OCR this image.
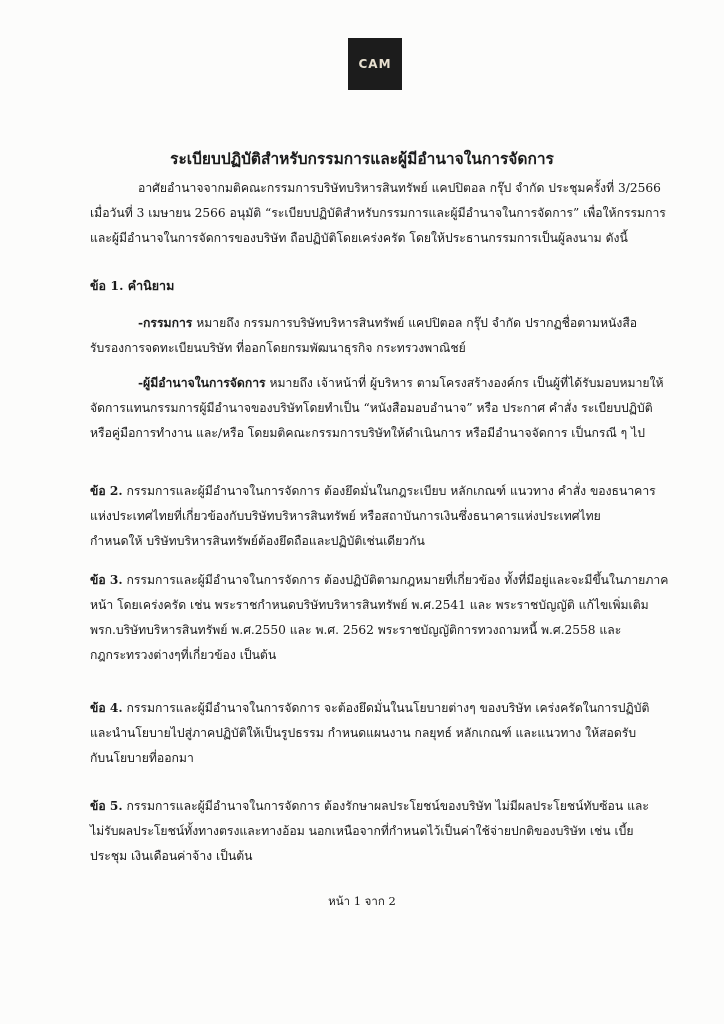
CAM
ระเบียบปฏิบัติสำหรับกรรมการและผู้มีอำนาจในการจัดการ

อาศัยอำนาจจากมติคณะกรรมการบริษัทบริหารสินทรัพย์ แคปปิตอล กรุ๊ป จำกัด ประชุมครั้งที่ 3/2566
เมื่อวันที่ 3 เมษายน 2566 อนุมัติ “ระเบียบปฏิบัติสำหรับกรรมการและผู้มีอำนาจในการจัดการ” เพื่อให้กรรมการ
และผู้มีอำนาจในการจัดการของบริษัท ถือปฏิบัติโดยเคร่งครัด โดยให้ประธานกรรมการเป็นผู้ลงนาม ดังนี้

ข้อ 1. คำนิยาม

-กรรมการ หมายถึง กรรมการบริษัทบริหารสินทรัพย์ แคปปิตอล กรุ๊ป จำกัด ปรากฏชื่อตามหนังสือ
รับรองการจดทะเบียนบริษัท ที่ออกโดยกรมพัฒนาธุรกิจ กระทรวงพาณิชย์

-ผู้มีอำนาจในการจัดการ หมายถึง เจ้าหน้าที่ ผู้บริหาร ตามโครงสร้างองค์กร เป็นผู้ที่ได้รับมอบหมายให้
จัดการแทนกรรมการผู้มีอำนาจของบริษัทโดยทำเป็น “หนังสือมอบอำนาจ” หรือ ประกาศ คำสั่ง ระเบียบปฏิบัติ
หรือคู่มือการทำงาน และ/หรือ โดยมติคณะกรรมการบริษัทให้ดำเนินการ หรือมีอำนาจจัดการ เป็นกรณี ๆ ไป

ข้อ 2. กรรมการและผู้มีอำนาจในการจัดการ ต้องยึดมั่นในกฎระเบียบ หลักเกณฑ์ แนวทาง คำสั่ง ของธนาคาร
แห่งประเทศไทยที่เกี่ยวข้องกับบริษัทบริหารสินทรัพย์ หรือสถาบันการเงินซึ่งธนาคารแห่งประเทศไทย
กำหนดให้ บริษัทบริหารสินทรัพย์ต้องยึดถือและปฏิบัติเช่นเดียวกัน

ข้อ 3. กรรมการและผู้มีอำนาจในการจัดการ ต้องปฏิบัติตามกฎหมายที่เกี่ยวข้อง ทั้งที่มีอยู่และจะมีขึ้นในภายภาค
หน้า โดยเคร่งครัด เช่น พระราชกำหนดบริษัทบริหารสินทรัพย์ พ.ศ.2541 และ พระราชบัญญัติ แก้ไขเพิ่มเติม
พรก.บริษัทบริหารสินทรัพย์ พ.ศ.2550 และ พ.ศ. 2562 พระราชบัญญัติการทวงถามหนี้ พ.ศ.2558 และ
กฎกระทรวงต่างๆที่เกี่ยวข้อง เป็นต้น

ข้อ 4. กรรมการและผู้มีอำนาจในการจัดการ จะต้องยึดมั่นในนโยบายต่างๆ ของบริษัท เคร่งครัดในการปฏิบัติ
และนำนโยบายไปสู่ภาคปฏิบัติให้เป็นรูปธรรม กำหนดแผนงาน กลยุทธ์ หลักเกณฑ์ และแนวทาง ให้สอดรับ
กับนโยบายที่ออกมา

ข้อ 5. กรรมการและผู้มีอำนาจในการจัดการ ต้องรักษาผลประโยชน์ของบริษัท ไม่มีผลประโยชน์ทับซ้อน และ
ไม่รับผลประโยชน์ทั้งทางตรงและทางอ้อม นอกเหนือจากที่กำหนดไว้เป็นค่าใช้จ่ายปกติของบริษัท เช่น เบี้ย
ประชุม เงินเดือนค่าจ้าง เป็นต้น

หน้า 1 จาก 2
